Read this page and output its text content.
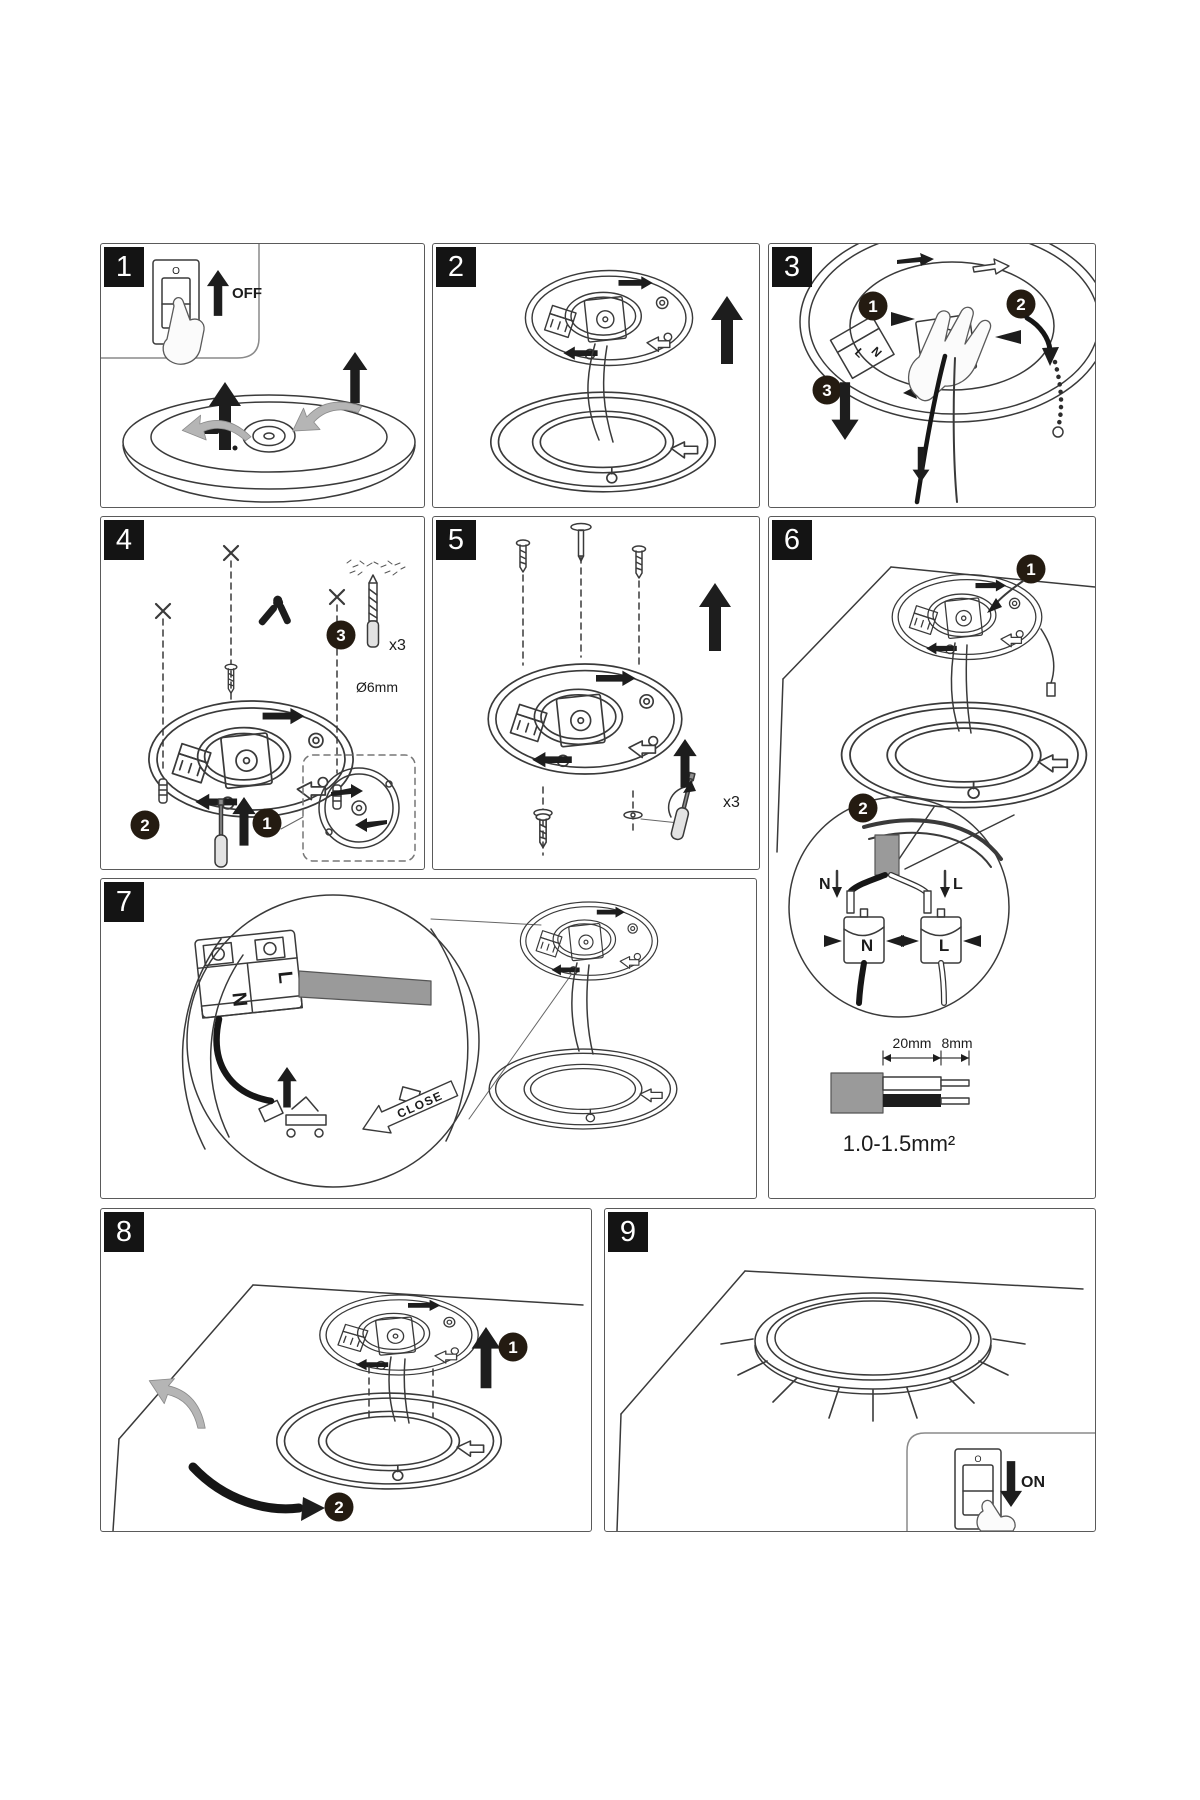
1	O
OFF
2	3
L N
1	2
3
4
2	1
3
x3
Ø6mm
5
x3
6
1
2
N	L
N	L
20mm 8mm
1.0-1.5mm²
7
L
N
CLOSE
8
1
2
9
O
ON
